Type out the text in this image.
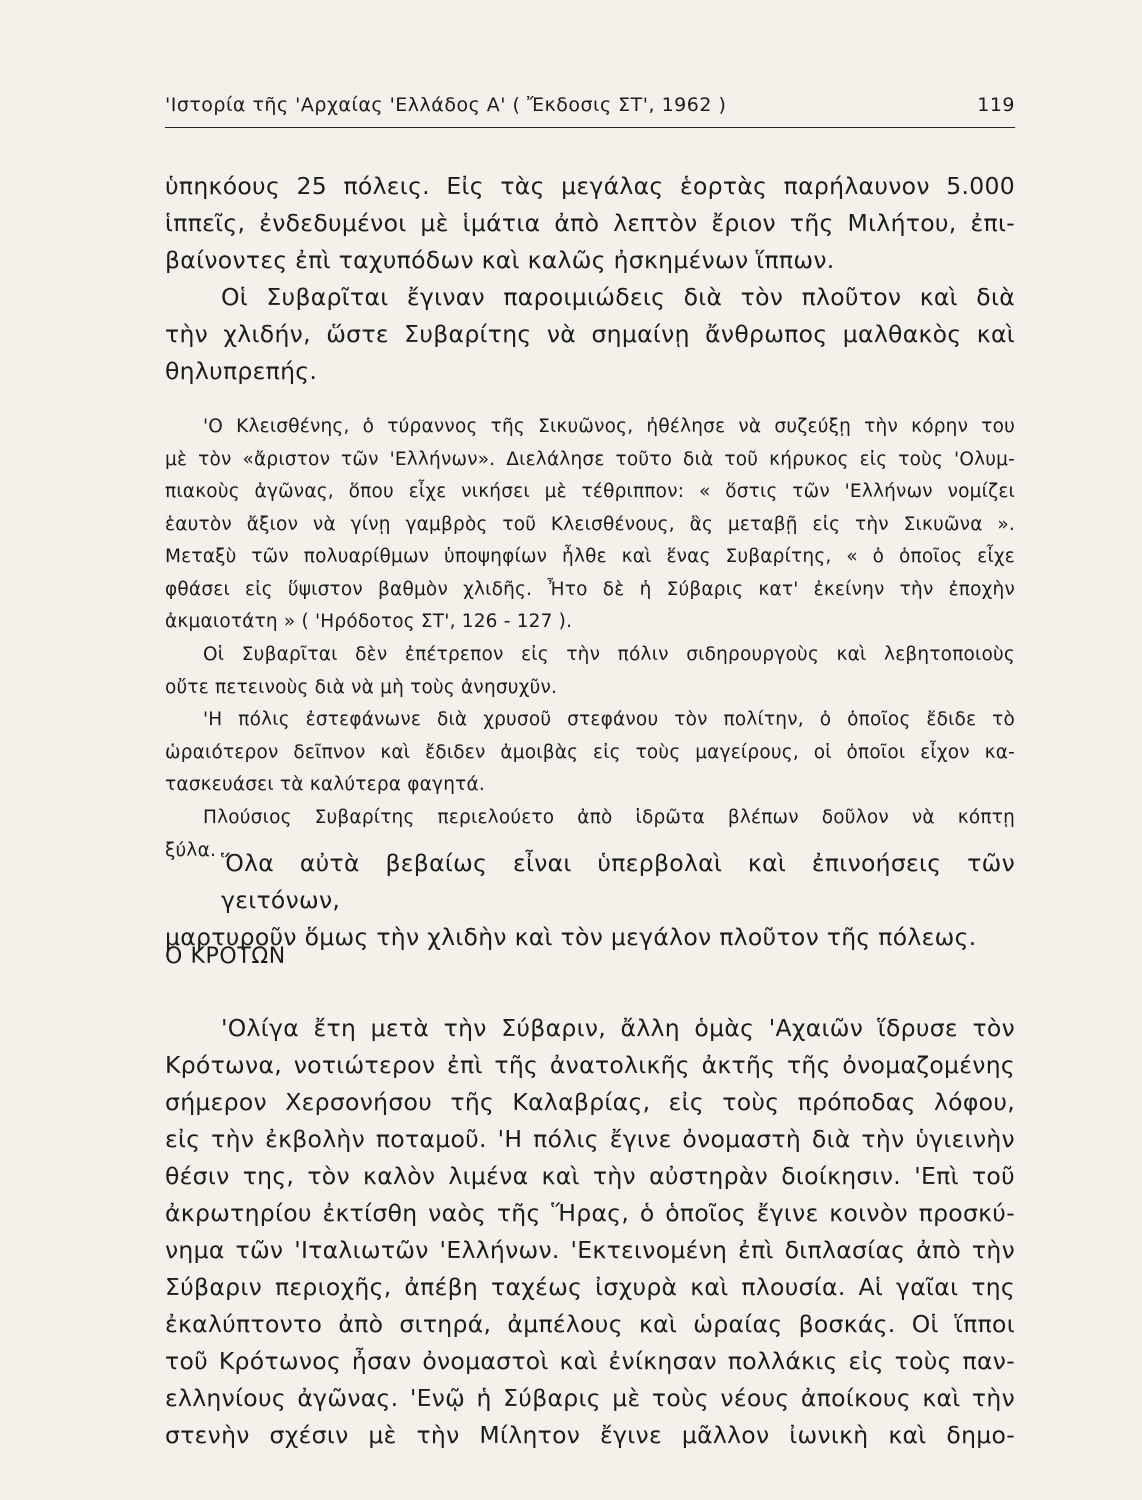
'Ιστορία τῆς 'Αρχαίας 'Ελλάδος Α' ( Ἔκδοσις ΣΤ', 1962 )	119
ὑπηκόους 25 πόλεις. Εἰς τὰς μεγάλας ἑορτὰς παρήλαυνον 5.000
ἱππεῖς, ἐνδεδυμένοι μὲ ἱμάτια ἀπὸ λεπτὸν ἔριον τῆς Μιλήτου, ἐπι-
βαίνοντες ἐπὶ ταχυπόδων καὶ καλῶς ἠσκημένων ἵππων.
Οἱ Συβαρῖται ἔγιναν παροιμιώδεις διὰ τὸν πλοῦτον καὶ διὰ
τὴν χλιδήν, ὥστε Συβαρίτης νὰ σημαίνῃ ἄνθρωπος μαλθακὸς καὶ
θηλυπρεπής.
'Ο Κλεισθένης, ὁ τύραννος τῆς Σικυῶνος, ἠθέλησε νὰ συζεύξῃ τὴν κόρην του
μὲ τὸν «ἄριστον τῶν 'Ελλήνων». Διελάλησε τοῦτο διὰ τοῦ κήρυκος εἰς τοὺς 'Ολυμ-
πιακοὺς ἀγῶνας, ὅπου εἶχε νικήσει μὲ τέθριππον: « ὅστις τῶν 'Ελλήνων νομίζει
ἑαυτὸν ἄξιον νὰ γίνῃ γαμβρὸς τοῦ Κλεισθένους, ἂς μεταβῇ εἰς τὴν Σικυῶνα ».
Μεταξὺ τῶν πολυαρίθμων ὑποψηφίων ἦλθε καὶ ἕνας Συβαρίτης, « ὁ ὁποῖος εἶχε
φθάσει εἰς ὕψιστον βαθμὸν χλιδῆς. Ἦτο δὲ ἡ Σύβαρις κατ' ἐκείνην τὴν ἐποχὴν
ἀκμαιοτάτη » ( 'Ηρόδοτος ΣΤ', 126 - 127 ).
Οἱ Συβαρῖται δὲν ἐπέτρεπον εἰς τὴν πόλιν σιδηρουργοὺς καὶ λεβητοποιοὺς
οὔτε πετεινοὺς διὰ νὰ μὴ τοὺς ἀνησυχῦν.
'Η πόλις ἐστεφάνωνε διὰ χρυσοῦ στεφάνου τὸν πολίτην, ὁ ὁποῖος ἔδιδε τὸ
ὡραιότερον δεῖπνον καὶ ἔδιδεν ἀμοιβὰς εἰς τοὺς μαγείρους, οἱ ὁποῖοι εἶχον κα-
τασκευάσει τὰ καλύτερα φαγητά.
Πλούσιος Συβαρίτης περιελούετο ἀπὸ ἱδρῶτα βλέπων δοῦλον νὰ κόπτῃ
ξύλα. Ὅλα αὐτὰ βεβαίως εἶναι ὑπερβολαὶ καὶ ἐπινοήσεις τῶν γειτόνων,
μαρτυροῦν ὅμως τὴν χλιδὴν καὶ τὸν μεγάλον πλοῦτον τῆς πόλεως.
Ο ΚΡΟΤΩΝ
'Ολίγα ἔτη μετὰ τὴν Σύβαριν, ἄλλη ὁμὰς 'Αχαιῶν ἵδρυσε τὸν
Κρότωνα, νοτιώτερον ἐπὶ τῆς ἀνατολικῆς ἀκτῆς τῆς ὀνομαζομένης
σήμερον Χερσονήσου τῆς Καλαβρίας, εἰς τοὺς πρόποδας λόφου,
εἰς τὴν ἐκβολὴν ποταμοῦ. 'Η πόλις ἔγινε ὀνομαστὴ διὰ τὴν ὑγιεινὴν
θέσιν της, τὸν καλὸν λιμένα καὶ τὴν αὐστηρὰν διοίκησιν. 'Επὶ τοῦ
ἀκρωτηρίου ἐκτίσθη ναὸς τῆς Ἥρας, ὁ ὁποῖος ἔγινε κοινὸν προσκύ-
νημα τῶν 'Ιταλιωτῶν 'Ελλήνων. 'Εκτεινομένη ἐπὶ διπλασίας ἀπὸ τὴν
Σύβαριν περιοχῆς, ἀπέβη ταχέως ἰσχυρὰ καὶ πλουσία. Αἱ γαῖαι της
ἐκαλύπτοντο ἀπὸ σιτηρά, ἀμπέλους καὶ ὡραίας βοσκάς. Οἱ ἵπποι
τοῦ Κρότωνος ἦσαν ὀνομαστοὶ καὶ ἐνίκησαν πολλάκις εἰς τοὺς παν-
ελληνίους ἀγῶνας. 'Ενῷ ἡ Σύβαρις μὲ τοὺς νέους ἀποίκους καὶ τὴν
στενὴν σχέσιν μὲ τὴν Μίλητον ἔγινε μᾶλλον ἰωνικὴ καὶ δημο-
